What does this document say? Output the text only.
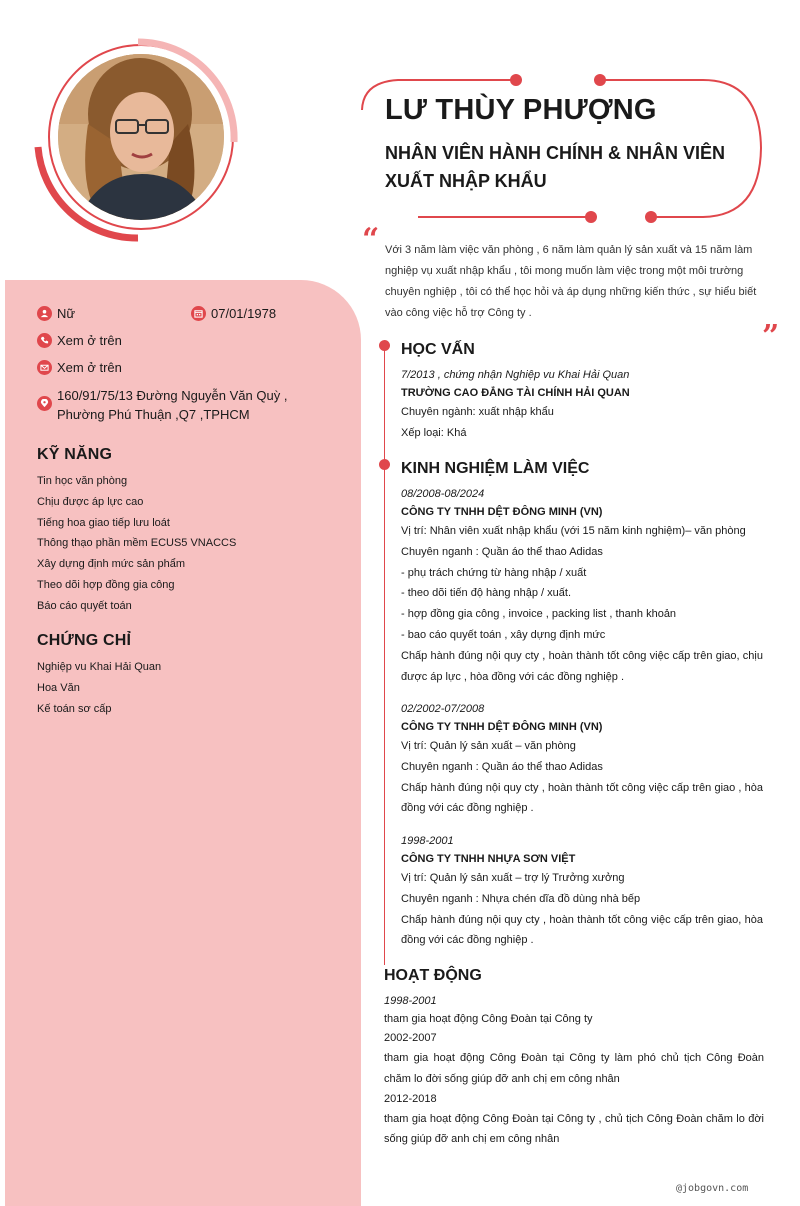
LƯ THÙY PHƯỢNG
NHÂN VIÊN HÀNH CHÍNH & NHÂN VIÊN XUẤT NHẬP KHẨU
“ Với 3 năm làm việc văn phòng , 6 năm làm quản lý sản xuất và 15 năm làm nghiệp vụ xuất nhập khẩu , tôi mong muốn làm việc trong một môi trường chuyên nghiệp , tôi có thể học hỏi và áp dụng những kiến thức , sự hiểu biết vào công việc hỗ trợ Công ty .
”
Nữ	07/01/1978
Xem ở trên
Xem ở trên
160/91/75/13 Đường Nguyễn Văn Quỳ , Phường Phú Thuận ,Q7 ,TPHCM
KỸ NĂNG
Tin học văn phòng
Chịu được áp lực cao
Tiếng hoa giao tiếp lưu loát
Thông thạo phần mềm ECUS5 VNACCS
Xây dựng định mức sản phẩm
Theo dõi hợp đồng gia công
Báo cáo quyết toán
CHỨNG CHỈ
Nghiệp vu Khai Hải Quan
Hoa Văn
Kế toán sơ cấp
HỌC VẤN
7/2013 , chứng nhận Nghiệp vu Khai Hải Quan
TRƯỜNG CAO ĐẲNG TÀI CHÍNH HẢI QUAN
Chuyên ngành: xuất nhập khẩu
Xếp loại: Khá
KINH NGHIỆM LÀM VIỆC
08/2008-08/2024
CÔNG TY TNHH DỆT ĐÔNG MINH (VN)
Vị trí: Nhân viên xuất nhập khẩu (với 15 năm kinh nghiệm)– văn phòng
Chuyên nganh : Quần áo thể thao Adidas
- phụ trách chứng từ hàng nhập / xuất
- theo dõi tiến độ hàng nhập / xuất.
- hợp đồng gia công , invoice , packing list , thanh khoản
- bao cáo quyết toán , xây dựng định mức
Chấp hành đúng nội quy cty , hoàn thành tốt công việc cấp trên giao, chịu được áp lực , hòa đồng với các đồng nghiệp .
02/2002-07/2008
CÔNG TY TNHH DỆT ĐÔNG MINH (VN)
Vị trí: Quản lý sản xuất – văn phòng
Chuyên nganh : Quần áo thể thao Adidas
Chấp hành đúng nội quy cty , hoàn thành tốt công việc cấp trên giao , hòa đồng với các đồng nghiệp .
1998-2001
CÔNG TY TNHH NHỰA SƠN VIỆT
Vị trí: Quản lý sản xuất – trợ lý Trưởng xưởng
Chuyên nganh : Nhựa chén dĩa đồ dùng nhà bếp
Chấp hành đúng nội quy cty , hoàn thành tốt công việc cấp trên giao, hòa đồng với các đồng nghiệp .
HOẠT ĐỘNG
1998-2001
tham gia hoạt động Công Đoàn tại Công ty
2002-2007
tham gia hoạt động Công Đoàn tại Công ty làm phó chủ tịch Công Đoàn chăm lo đời sống giúp đỡ anh chị em công nhân
2012-2018
tham gia hoạt động Công Đoàn tại Công ty , chủ tịch Công Đoàn chăm lo đời sống giúp đỡ anh chị em công nhân
@jobgovn.com
